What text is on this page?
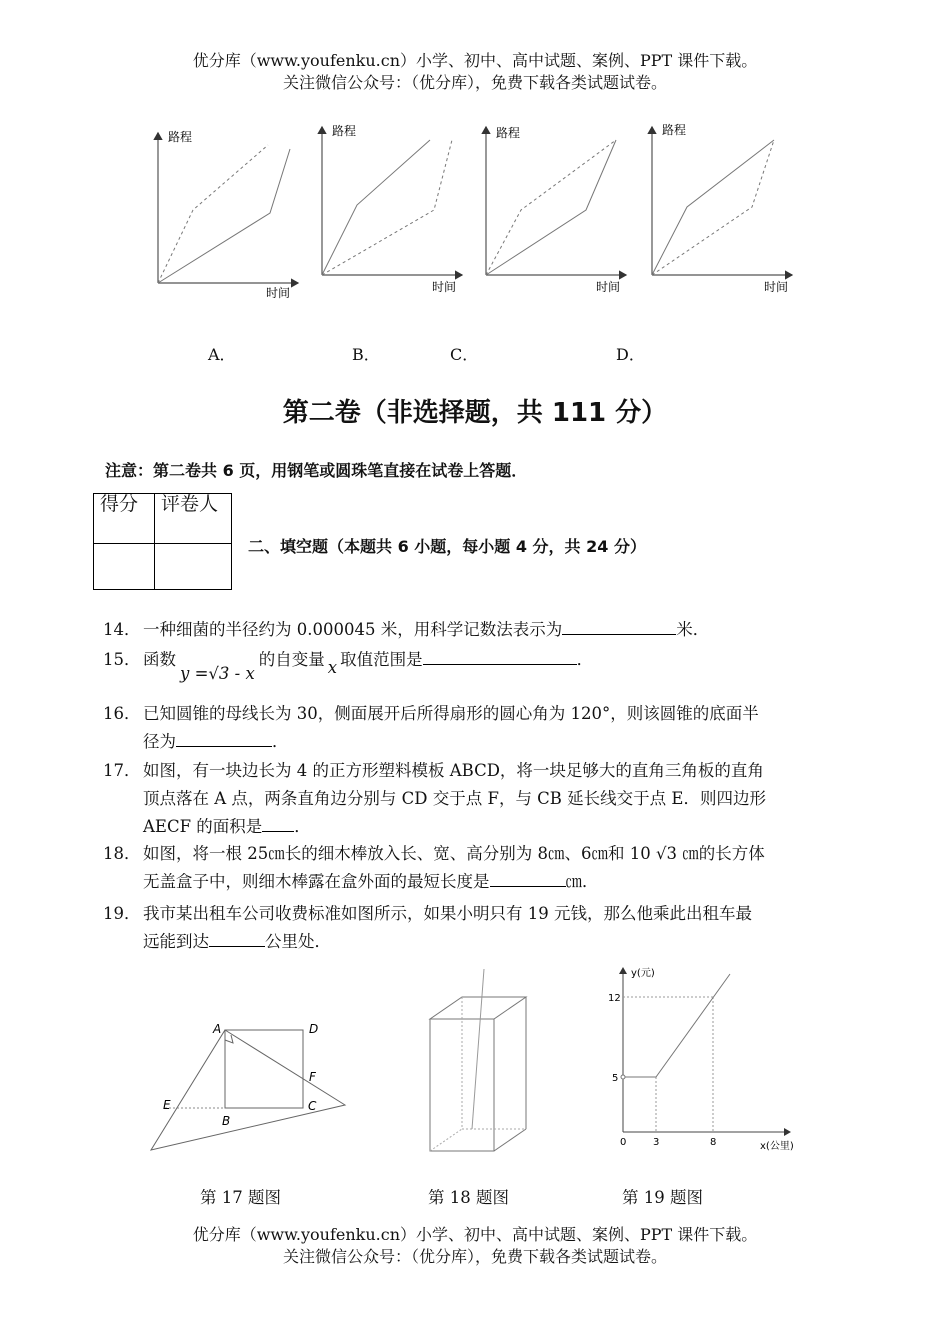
优分库（www.youfenku.cn）小学、初中、高中试题、案例、PPT 课件下载。
关注微信公众号：（优分库），免费下载各类试题试卷。
路程
时间
路程
时间
路程
时间
路程
时间
A．	B．	C．	D．
第二卷（非选择题，共 111 分）
注意：第二卷共 6 页，用钢笔或圆珠笔直接在试卷上答题．
得分	评卷人

二、填空题（本题共 6 小题，每小题 4 分，共 24 分）
14． 一种细菌的半径约为 0.000045 米，用科学记数法表示为	米．
15． 函数y =√3 - x的自变量 x 取值范围是	．
16． 已知圆锥的母线长为 30，侧面展开后所得扇形的圆心角为 120°，则该圆锥的底面半
径为	．
17． 如图，有一块边长为 4 的正方形塑料模板 ABCD，将一块足够大的直角三角板的直角
顶点落在 A 点，两条直角边分别与 CD 交于点 F，与 CB 延长线交于点 E．则四边形
AECF 的面积是 ．
18． 如图，将一根 25㎝长的细木棒放入长、宽、高分别为 8㎝、6㎝和 10 √3 ㎝的长方体
无盖盒子中，则细木棒露在盒外面的最短长度是	㎝．
19． 我市某出租车公司收费标准如图所示，如果小明只有 19 元钱，那么他乘此出租车最
远能到达	公里处．
A	D
F
E
B
C
y(元)
x(公里)
12
5
0	3	8
第 17 题图	第 18 题图	第 19 题图
优分库（www.youfenku.cn）小学、初中、高中试题、案例、PPT 课件下载。
关注微信公众号：（优分库），免费下载各类试题试卷。
